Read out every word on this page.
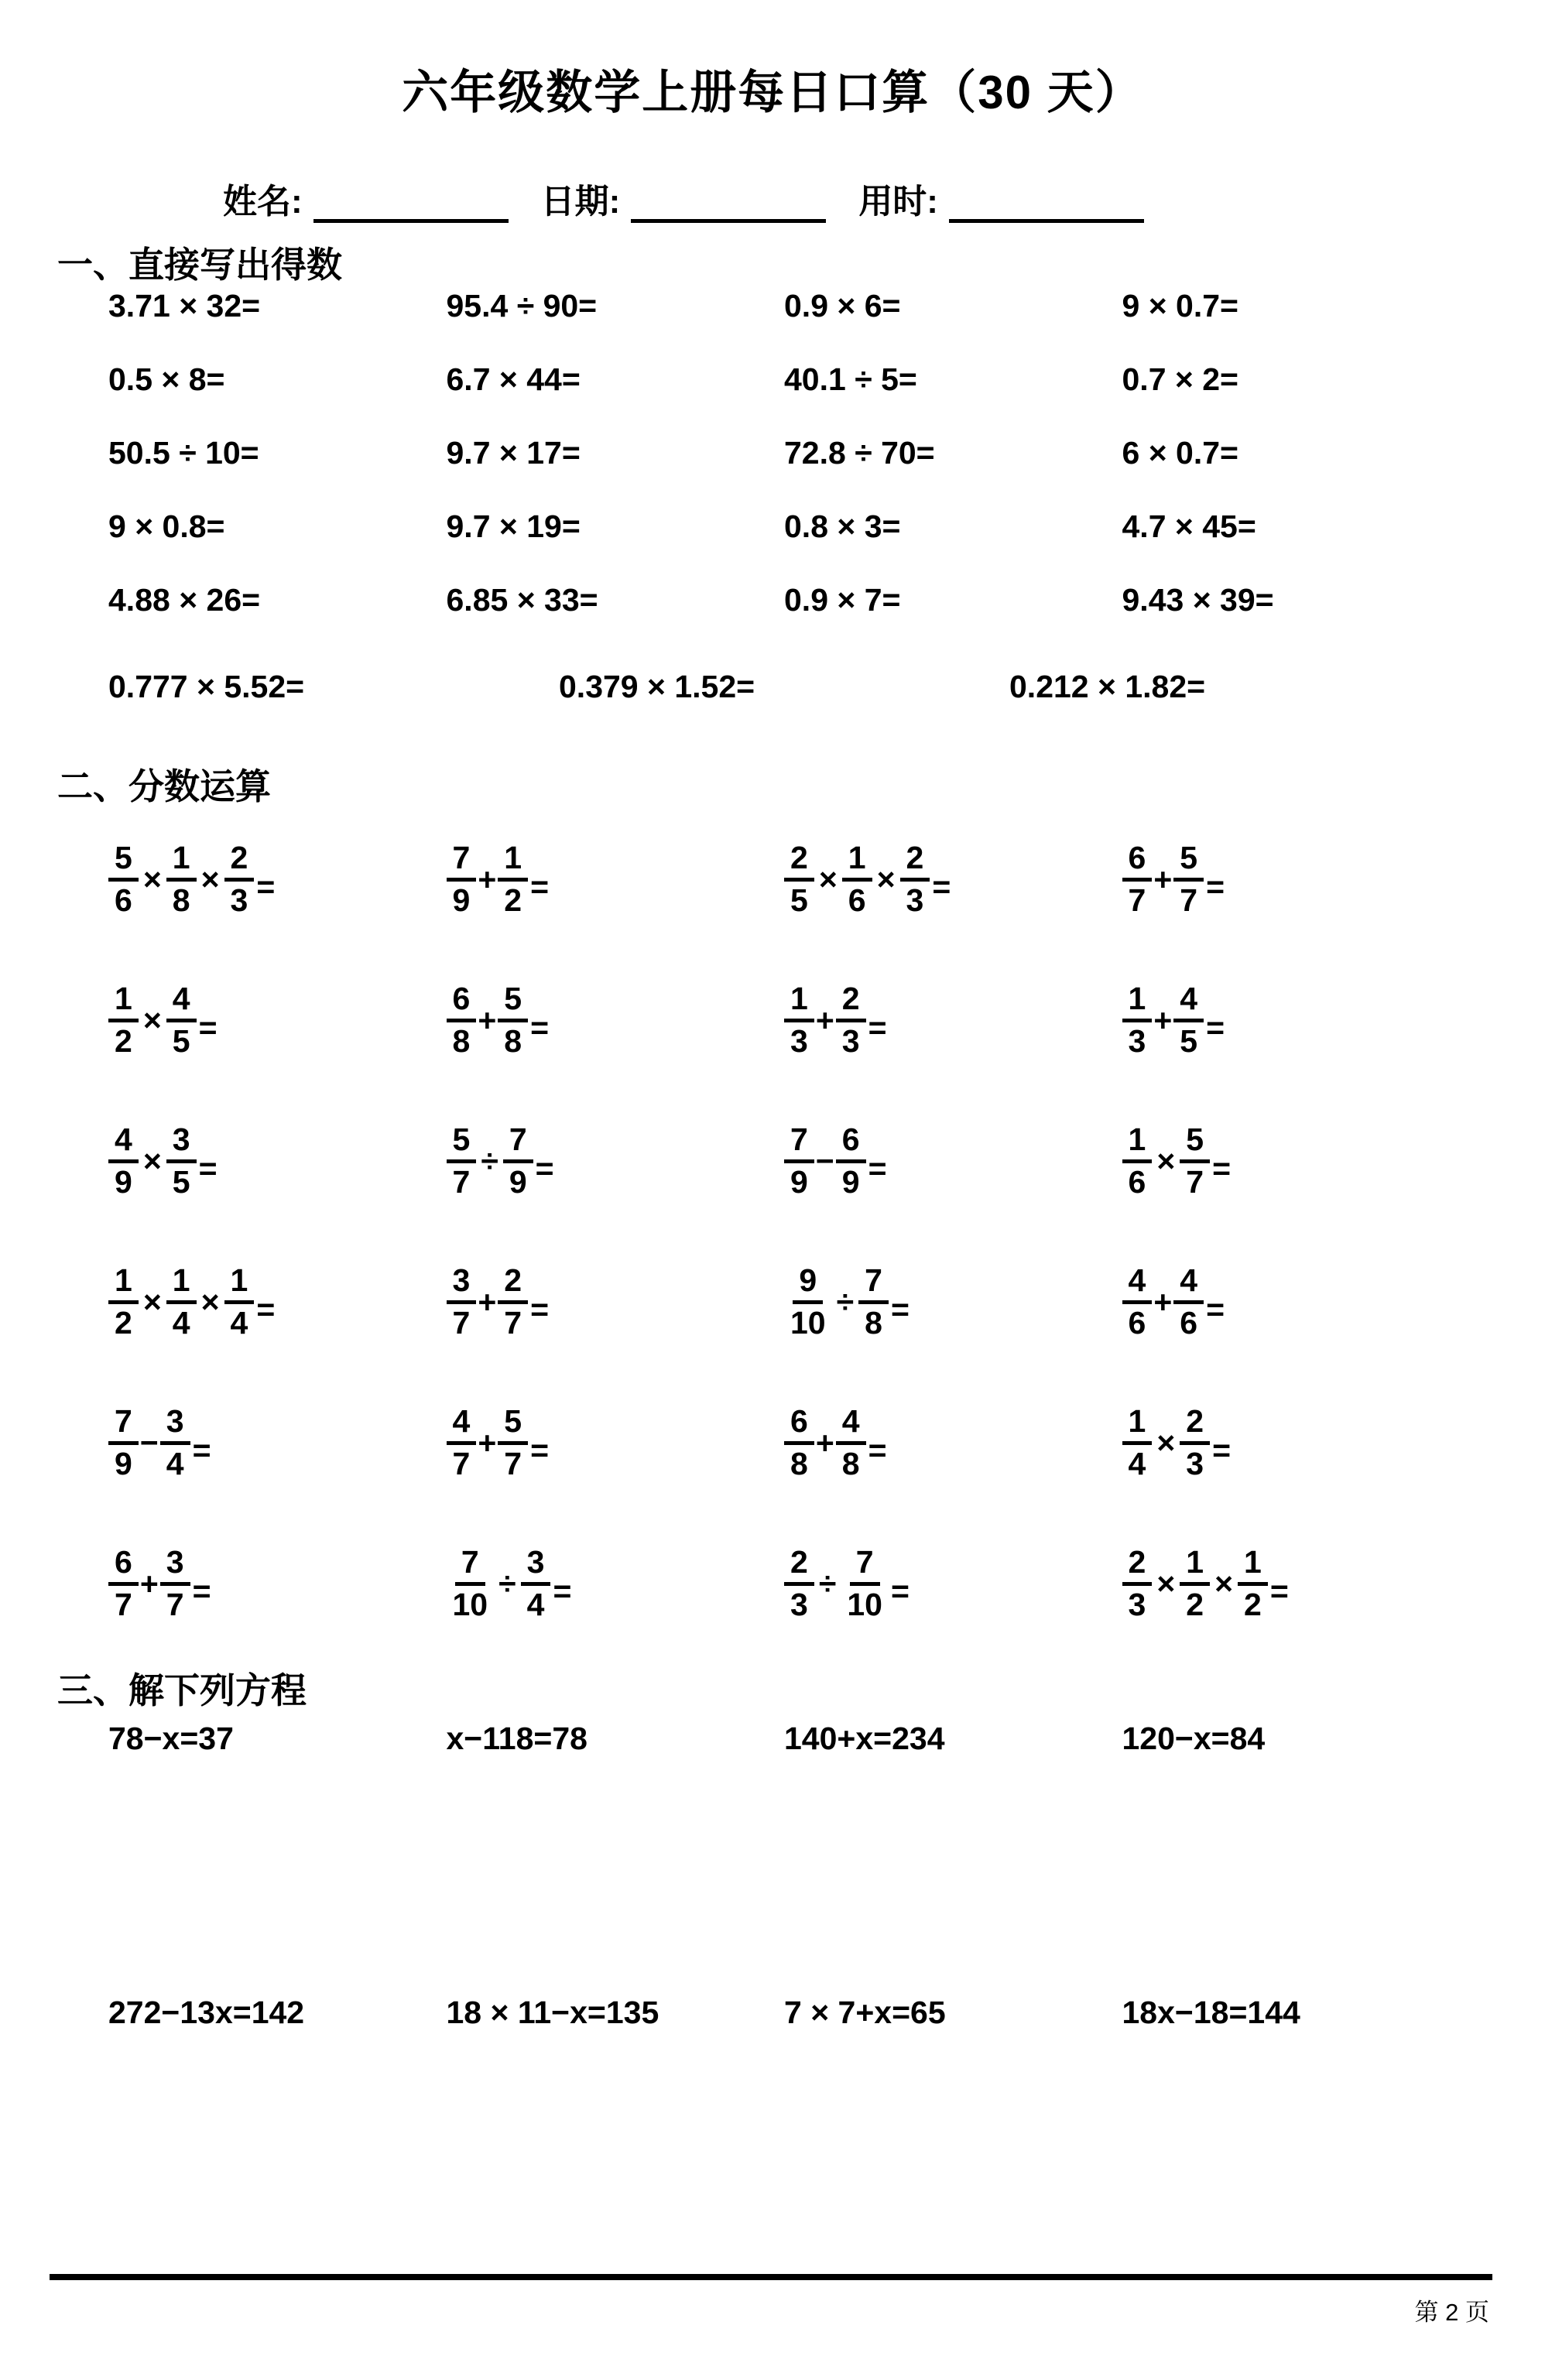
六年级数学上册每日口算（30 天）
姓名:	日期:	用时:
一、直接写出得数
3.71 × 32=	95.4 ÷ 90=	0.9 × 6=	9 × 0.7=
0.5 × 8=	6.7 × 44=	40.1 ÷ 5=	0.7 × 2=
50.5 ÷ 10=	9.7 × 17=	72.8 ÷ 70=	6 × 0.7=
9 × 0.8=	9.7 × 19=	0.8 × 3=	4.7 × 45=
4.88 × 26=	6.85 × 33=	0.9 × 7=	9.43 × 39=
0.777 × 5.52=	0.379 × 1.52=	0.212 × 1.82=
二、分数运算
$\frac{5}{6} \times \frac{1}{8} \times \frac{2}{3}$ =	$\frac{7}{9} + \frac{1}{2}$ =	$\frac{2}{5} \times \frac{1}{6} \times \frac{2}{3}$ =	$\frac{6}{7} + \frac{5}{7}$ =
$\frac{1}{2} \times \frac{4}{5}$ =	$\frac{6}{8} + \frac{5}{8}$ =	$\frac{1}{3} + \frac{2}{3}$ =	$\frac{1}{3} + \frac{4}{5}$ =
$\frac{4}{9} \times \frac{3}{5}$ =	$\frac{5}{7} \div \frac{7}{9}$ =	$\frac{7}{9} - \frac{6}{9}$ =	$\frac{1}{6} \times \frac{5}{7}$ =
$\frac{1}{2} \times \frac{1}{4} \times \frac{1}{4}$ =	$\frac{3}{7} + \frac{2}{7}$ =	$\frac{9}{10} \div \frac{7}{8}$ =	$\frac{4}{6} + \frac{4}{6}$ =
$\frac{7}{9} - \frac{3}{4}$ =	$\frac{4}{7} + \frac{5}{7}$ =	$\frac{6}{8} + \frac{4}{8}$ =	$\frac{1}{4} \times \frac{2}{3}$ =
$\frac{6}{7} + \frac{3}{7}$ =	$\frac{7}{10} \div \frac{3}{4}$ =	$\frac{2}{3} \div \frac{7}{10}$ =	$\frac{2}{3} \times \frac{1}{2} \times \frac{1}{2}$ =
三、解下列方程
78−x=37	x−118=78	140+x=234	120−x=84
272−13x=142	18 × 11−x=135	7 × 7+x=65	18x−18=144
第 2 页
